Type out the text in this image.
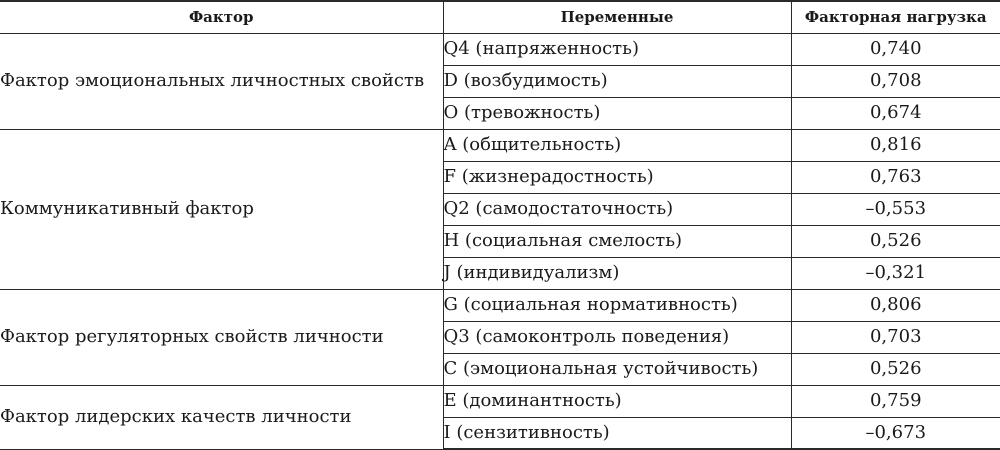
Фактор	Переменные	Факторная нагрузка
Фактор эмоциональных личностных свойств	Q4 (напряженность)	0,740
	D (возбудимость)	0,708
	O (тревожность)	0,674
Коммуникативный фактор	A (общительность)	0,816
	F (жизнерадостность)	0,763
	Q2 (самодостаточность)	–0,553
	H (социальная смелость)	0,526
	J (индивидуализм)	–0,321
Фактор регуляторных свойств личности	G (социальная нормативность)	0,806
	Q3 (самоконтроль поведения)	0,703
	C (эмоциональная устойчивость)	0,526
Фактор лидерских качеств личности	E (доминантность)	0,759
	I (сензитивность)	–0,673
